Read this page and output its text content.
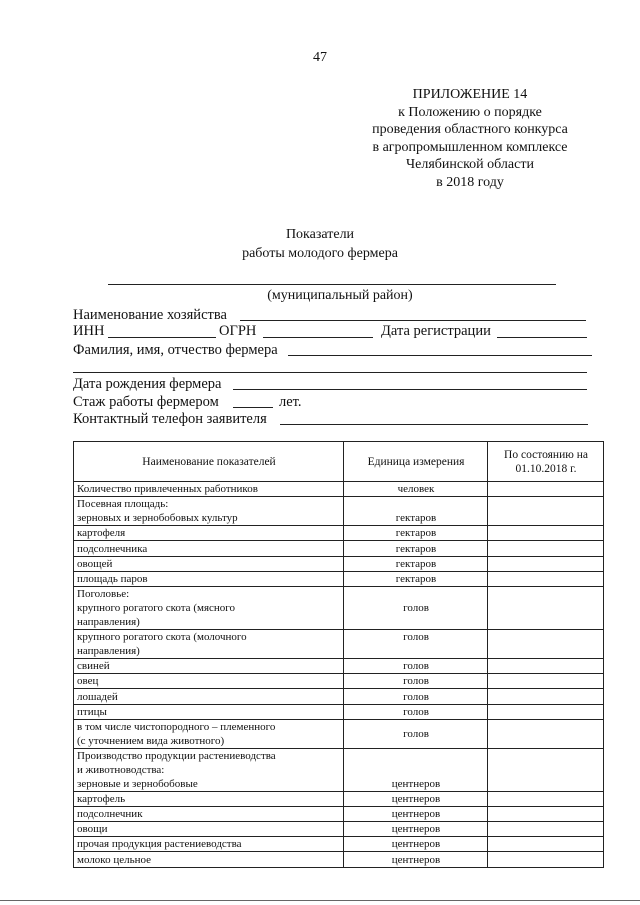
47
ПРИЛОЖЕНИЕ 14
к Положению о порядке
проведения областного конкурса
в агропромышленном комплексе
Челябинской области
в 2018 году
Показатели
работы молодого фермера
(муниципальный район)
Наименование хозяйства
ИНН	ОГРН	Дата регистрации
Фамилия, имя, отчество фермера
Дата рождения фермера
Стаж работы фермером	лет.
Контактный телефон заявителя
Наименование показателей	Единица измерения	По состоянию на 01.10.2018 г.

Количество привлеченных работников	человек	

Посевная площадь:
зерновых и зернобобовых культур	гектаров	

картофеля	гектаров	

подсолнечника	гектаров	

овощей	гектаров	

площадь паров	гектаров	

Поголовье:
крупного рогатого скота (мясного
направления)	голов	

крупного рогатого скота (молочного
направления)	голов	

свиней	голов	

овец	голов	

лошадей	голов	

птицы	голов	

в том числе чистопородного – племенного
(с уточнением вида животного)	голов	

Производство продукции растениеводства
и животноводства:
зерновые и зернобобовые	центнеров	

картофель	центнеров	

подсолнечник	центнеров	

овощи	центнеров	

прочая продукция растениеводства	центнеров	

молоко цельное	центнеров	
